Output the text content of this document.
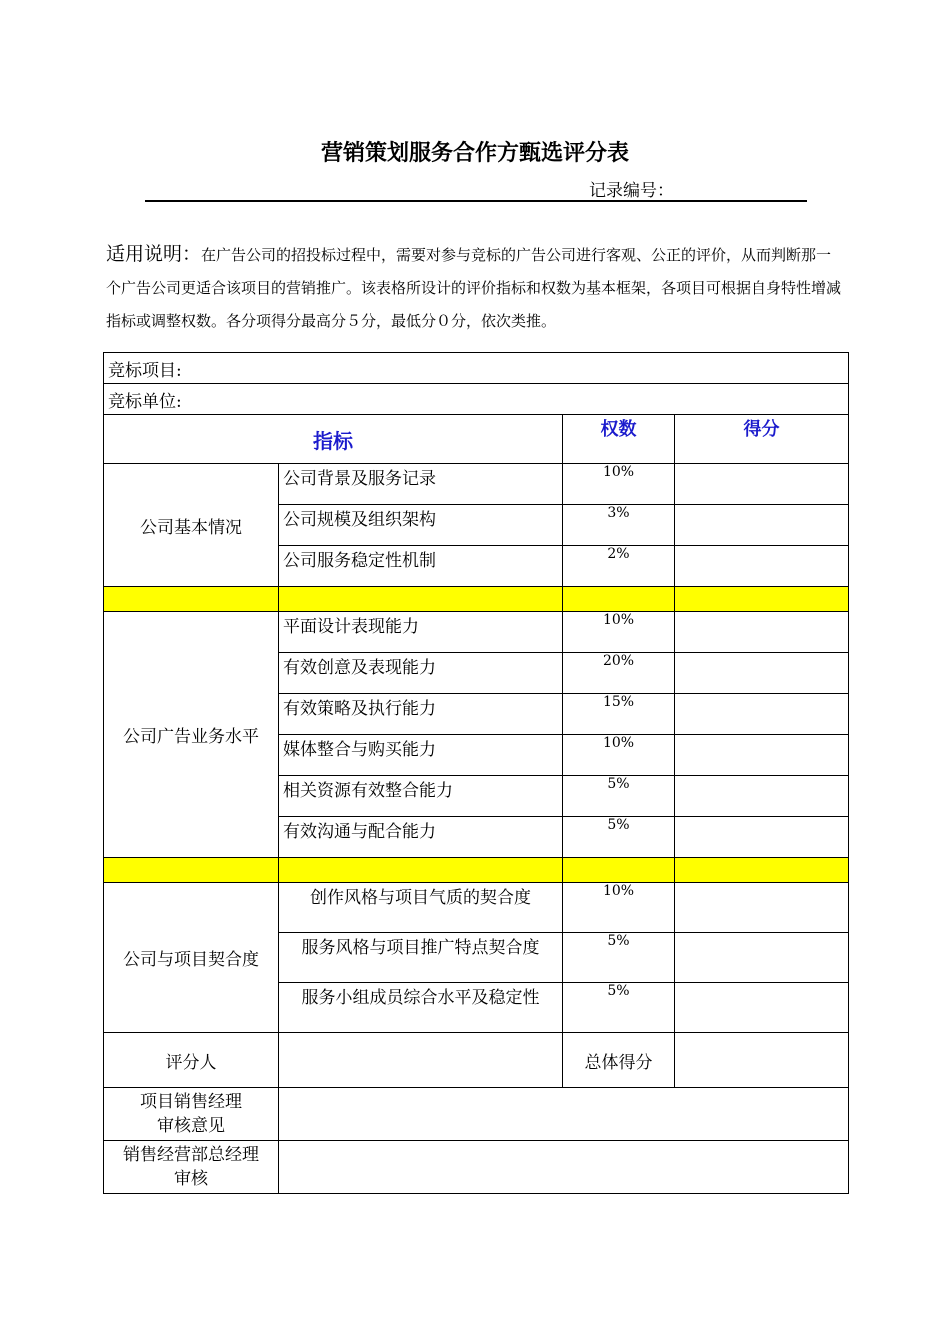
营销策划服务合作方甄选评分表
记录编号：
适用说明：在广告公司的招投标过程中，需要对参与竞标的广告公司进行客观、公正的评价，从而判断那一个广告公司更适合该项目的营销推广。该表格所设计的评价指标和权数为基本框架，各项目可根据自身特性增减指标或调整权数。各分项得分最高分５分，最低分０分，依次类推。
竞标项目:			
竞标单位:			
指标		权数	得分
公司基本情况	公司背景及服务记录	10%	
	公司规模及组织架构	3%	
	公司服务稳定性机制	2%	

公司广告业务水平	平面设计表现能力	10%	
	有效创意及表现能力	20%	
	有效策略及执行能力	15%	
	媒体整合与购买能力	10%	
	相关资源有效整合能力	5%	
	有效沟通与配合能力	5%	

公司与项目契合度	创作风格与项目气质的契合度	10%	
	服务风格与项目推广特点契合度	5%	
	服务小组成员综合水平及稳定性	5%	
评分人		总体得分	
项目销售经理
审核意见			
销售经营部总经理
审核			
